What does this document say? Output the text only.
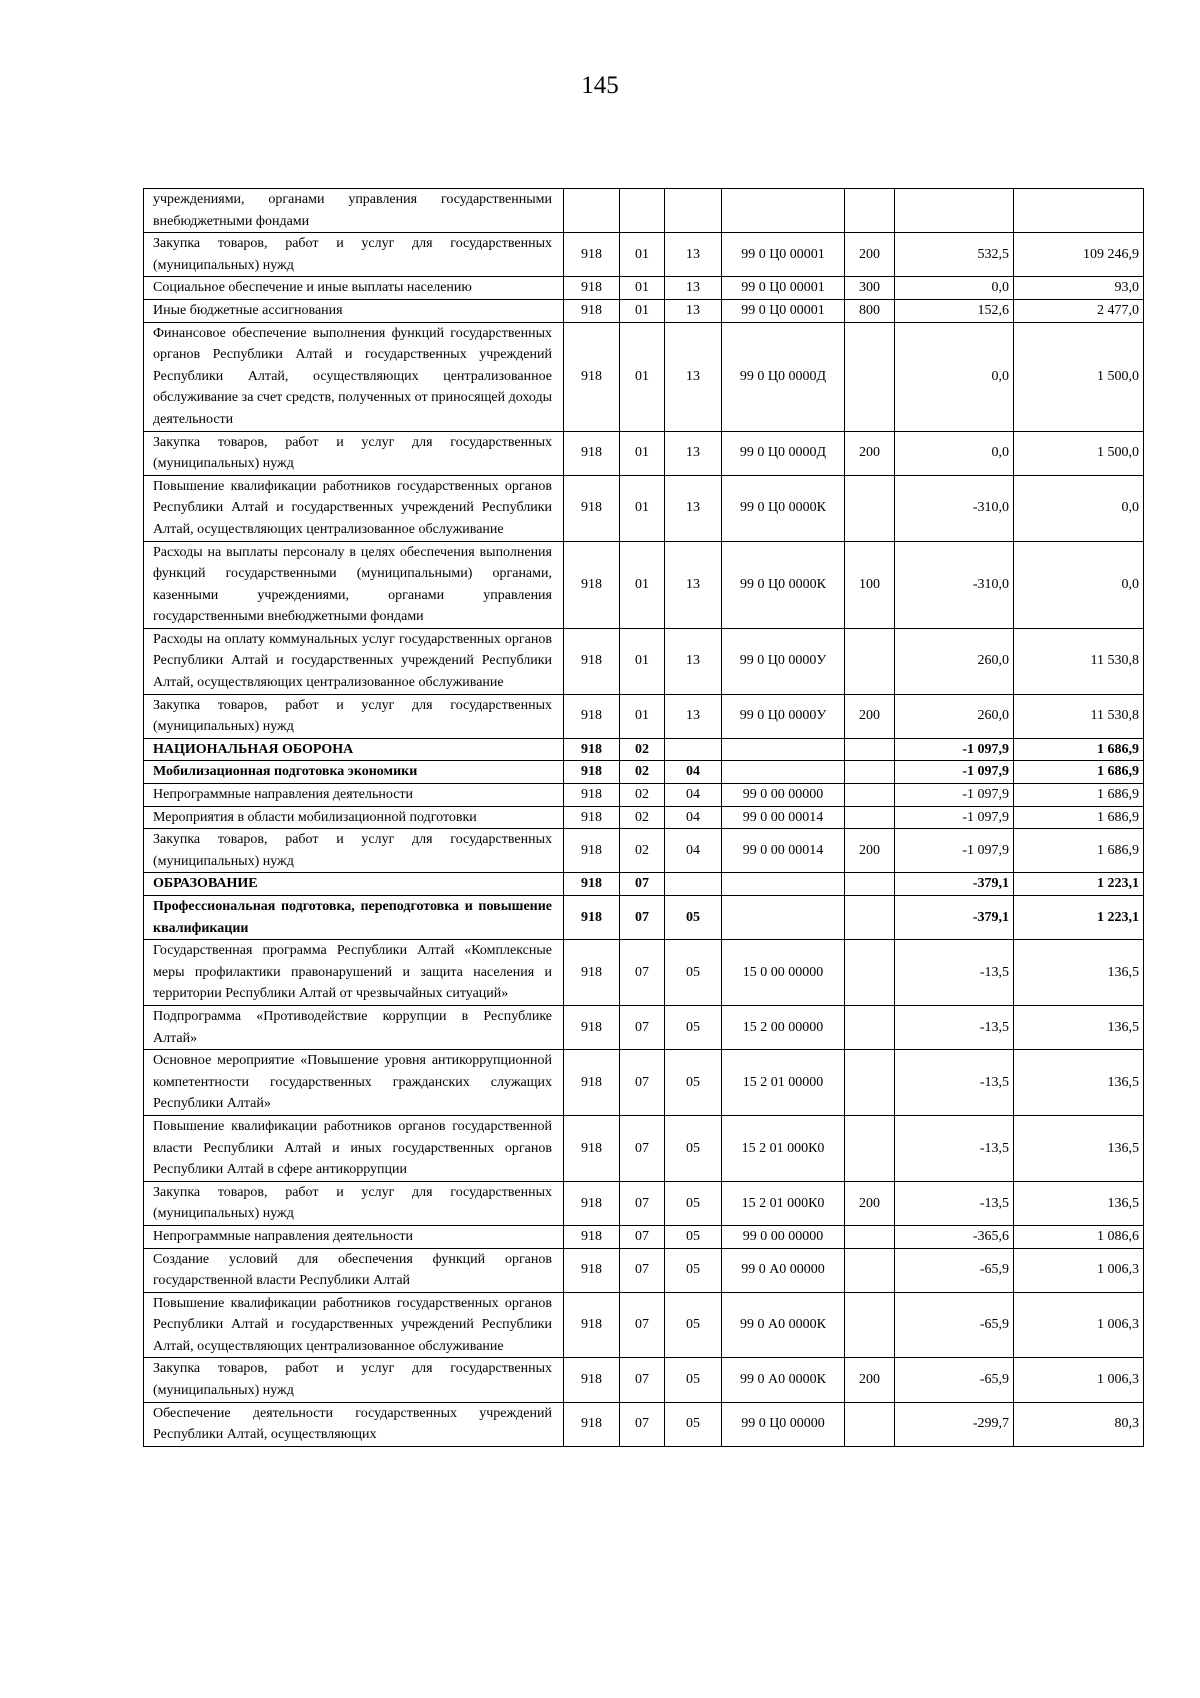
145
учреждениями, органами управления государственными внебюджетными фондами							
Закупка товаров, работ и услуг для государственных (муниципальных) нужд	918	01	13	99 0 Ц0 00001	200	532,5	109 246,9
Социальное обеспечение и иные выплаты населению	918	01	13	99 0 Ц0 00001	300	0,0	93,0
Иные бюджетные ассигнования	918	01	13	99 0 Ц0 00001	800	152,6	2 477,0
Финансовое обеспечение выполнения функций государственных органов Республики Алтай и государственных учреждений Республики Алтай, осуществляющих централизованное обслуживание за счет средств, полученных от приносящей доходы деятельности	918	01	13	99 0 Ц0 0000Д		0,0	1 500,0
Закупка товаров, работ и услуг для государственных (муниципальных) нужд	918	01	13	99 0 Ц0 0000Д	200	0,0	1 500,0
Повышение квалификации работников государственных органов Республики Алтай и государственных учреждений Республики Алтай, осуществляющих централизованное обслуживание	918	01	13	99 0 Ц0 0000К		-310,0	0,0
Расходы на выплаты персоналу в целях обеспечения выполнения функций государственными (муниципальными) органами, казенными учреждениями, органами управления государственными внебюджетными фондами	918	01	13	99 0 Ц0 0000К	100	-310,0	0,0
Расходы на оплату коммунальных услуг государственных органов Республики Алтай и государственных учреждений Республики Алтай, осуществляющих централизованное обслуживание	918	01	13	99 0 Ц0 0000У		260,0	11 530,8
Закупка товаров, работ и услуг для государственных (муниципальных) нужд	918	01	13	99 0 Ц0 0000У	200	260,0	11 530,8
НАЦИОНАЛЬНАЯ ОБОРОНА	918	02				-1 097,9	1 686,9
Мобилизационная подготовка экономики	918	02	04			-1 097,9	1 686,9
Непрограммные направления деятельности	918	02	04	99 0 00 00000		-1 097,9	1 686,9
Мероприятия в области мобилизационной подготовки	918	02	04	99 0 00 00014		-1 097,9	1 686,9
Закупка товаров, работ и услуг для государственных (муниципальных) нужд	918	02	04	99 0 00 00014	200	-1 097,9	1 686,9
ОБРАЗОВАНИЕ	918	07				-379,1	1 223,1
Профессиональная подготовка, переподготовка и повышение квалификации	918	07	05			-379,1	1 223,1
Государственная программа Республики Алтай «Комплексные меры профилактики правонарушений и защита населения и территории Республики Алтай от чрезвычайных ситуаций»	918	07	05	15 0 00 00000		-13,5	136,5
Подпрограмма «Противодействие коррупции в Республике Алтай»	918	07	05	15 2 00 00000		-13,5	136,5
Основное мероприятие «Повышение уровня антикоррупционной компетентности государственных гражданских служащих Республики Алтай»	918	07	05	15 2 01 00000		-13,5	136,5
Повышение квалификации работников органов государственной власти Республики Алтай и иных государственных органов Республики Алтай в сфере антикоррупции	918	07	05	15 2 01 000К0		-13,5	136,5
Закупка товаров, работ и услуг для государственных (муниципальных) нужд	918	07	05	15 2 01 000К0	200	-13,5	136,5
Непрограммные направления деятельности	918	07	05	99 0 00 00000		-365,6	1 086,6
Создание условий для обеспечения функций органов государственной власти Республики Алтай	918	07	05	99 0 А0 00000		-65,9	1 006,3
Повышение квалификации работников государственных органов Республики Алтай и государственных учреждений Республики Алтай, осуществляющих централизованное обслуживание	918	07	05	99 0 А0 0000К		-65,9	1 006,3
Закупка товаров, работ и услуг для государственных (муниципальных) нужд	918	07	05	99 0 А0 0000К	200	-65,9	1 006,3
Обеспечение деятельности государственных учреждений Республики Алтай, осуществляющих	918	07	05	99 0 Ц0 00000		-299,7	80,3
